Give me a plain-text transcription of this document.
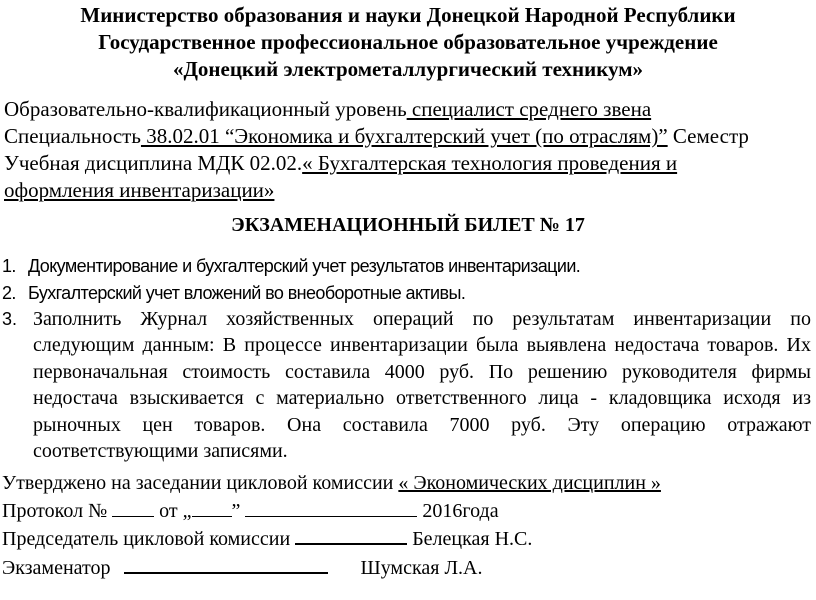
Министерство образования и науки Донецкой Народной Республики
Государственное профессиональное образовательное учреждение
«Донецкий электрометаллургический техникум»
Образовательно-квалификационный уровень специалист среднего звена
Специальность 38.02.01 “Экономика и бухгалтерский учет (по отраслям)” Семестр
Учебная дисциплина МДК 02.02.« Бухгалтерская технология проведения и
оформления инвентаризации»
ЭКЗАМЕНАЦИОННЫЙ БИЛЕТ № 17
1. Документирование и бухгалтерский учет результатов инвентаризации.
2. Бухгалтерский учет вложений во внеоборотные активы.
3. Заполнить Журнал хозяйственных операций по результатам инвентаризации по следующим данным: В процессе инвентаризации была выявлена недостача товаров. Их первоначальная стоимость составила 4000 руб. По решению руководителя фирмы недостача взыскивается с материально ответственного лица - кладовщика исходя из рыночных цен товаров. Она составила 7000 руб. Эту операцию отражают соответствующими записями.
Утверджено на заседании цикловой комиссии « Экономических дисциплин »
Протокол №  от „ ”	2016года
Председатель цикловой комиссии	Белецкая Н.С.
Экзаменатор	Шумская Л.А.
